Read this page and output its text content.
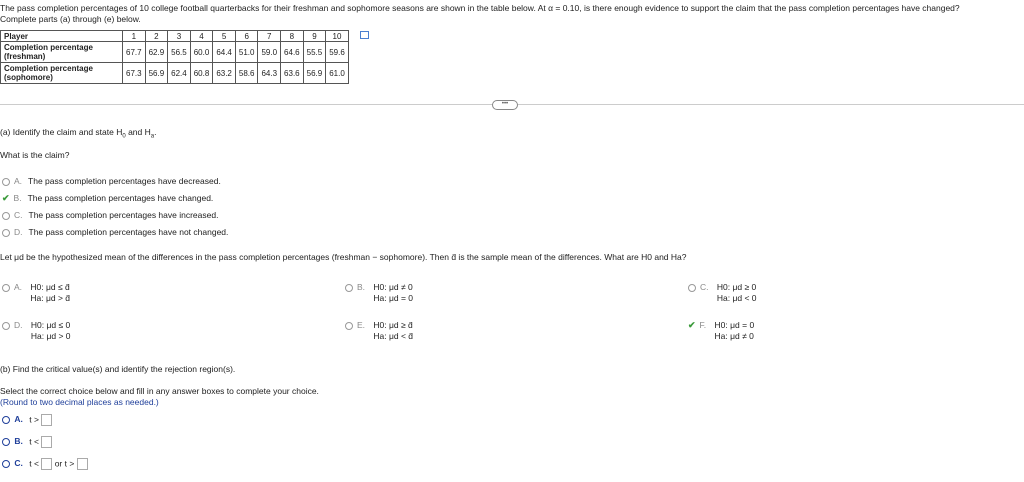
The pass completion percentages of 10 college football quarterbacks for their freshman and sophomore seasons are shown in the table below. At α = 0.10, is there enough evidence to support the claim that the pass completion percentages have changed?
Complete parts (a) through (e) below.
Player	1	2	3	4	5	6	7	8	9	10
Completion percentage (freshman)	67.7	62.9	56.5	60.0	64.4	51.0	59.0	64.6	55.5	59.6
Completion percentage (sophomore)	67.3	56.9	62.4	60.8	63.2	58.6	64.3	63.6	56.9	61.0
•••
(a) Identify the claim and state $H_0$ and $H_a$.
What is the claim?
A. The pass completion percentages have decreased.
✔ B. The pass completion percentages have changed.
C. The pass completion percentages have increased.
D. The pass completion percentages have not changed.
Let μd be the hypothesized mean of the differences in the pass completion percentages (freshman − sophomore). Then d̄ is the sample mean of the differences. What are H0 and Ha?
A. H0: μd ≤ d̄
Ha: μd > d̄
B. H0: μd ≠ 0
Ha: μd = 0
C. H0: μd ≥ 0
Ha: μd < 0
D. H0: μd ≤ 0
Ha: μd > 0
E. H0: μd ≥ d̄
Ha: μd < d̄
✔ F. H0: μd = 0
Ha: μd ≠ 0
(b) Find the critical value(s) and identify the rejection region(s).
Select the correct choice below and fill in any answer boxes to complete your choice.
(Round to two decimal places as needed.)
A. t >
B. t <
C. t < or t >
